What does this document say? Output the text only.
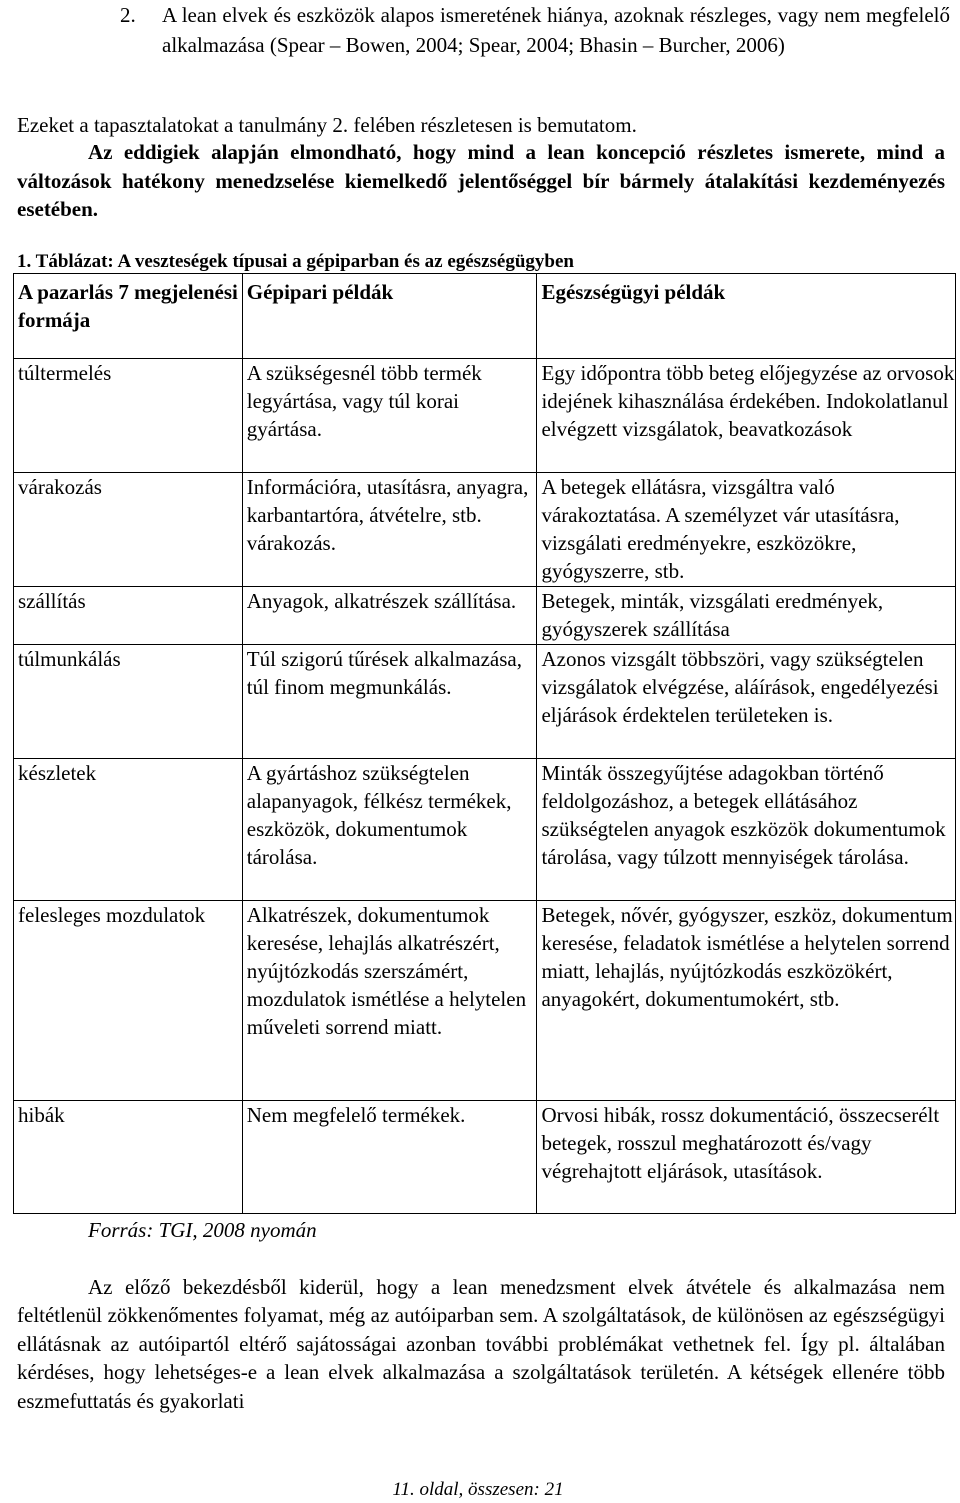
2. A lean elvek és eszközök alapos ismeretének hiánya, azoknak részleges, vagy nem megfelelő alkalmazása (Spear – Bowen, 2004; Spear, 2004; Bhasin – Burcher, 2006)
Ezeket a tapasztalatokat a tanulmány 2. felében részletesen is bemutatom.
Az eddigiek alapján elmondható, hogy mind a lean koncepció részletes ismerete, mind a változások hatékony menedzselése kiemelkedő jelentőséggel bír bármely átalakítási kezdeményezés esetében.
1. Táblázat: A veszteségek típusai a gépiparban és az egészségügyben
A pazarlás 7 megjelenési formája	Gépipari példák	Egészségügyi példák
túltermelés	A szükségesnél több termék legyártása, vagy túl korai gyártása.	Egy időpontra több beteg előjegyzése az orvosok idejének kihasználása érdekében. Indokolatlanul elvégzett vizsgálatok, beavatkozások
várakozás	Információra, utasításra, anyagra, karbantartóra, átvételre, stb. várakozás.	A betegek ellátásra, vizsgáltra való várakoztatása. A személyzet vár utasításra, vizsgálati eredményekre, eszközökre, gyógyszerre, stb.
szállítás	Anyagok, alkatrészek szállítása.	Betegek, minták, vizsgálati eredmények, gyógyszerek szállítása
túlmunkálás	Túl szigorú tűrések alkalmazása, túl finom megmunkálás.	Azonos vizsgált többszöri, vagy szükségtelen vizsgálatok elvégzése, aláírások, engedélyezési eljárások érdektelen területeken is.
készletek	A gyártáshoz szükségtelen alapanyagok, félkész termékek, eszközök, dokumentumok tárolása.	Minták összegyűjtése adagokban történő feldolgozáshoz, a betegek ellátásához szükségtelen anyagok eszközök dokumentumok tárolása, vagy túlzott mennyiségek tárolása.
felesleges mozdulatok	Alkatrészek, dokumentumok keresése, lehajlás alkatrészért, nyújtózkodás szerszámért, mozdulatok ismétlése a helytelen műveleti sorrend miatt.	Betegek, nővér, gyógyszer, eszköz, dokumentum keresése, feladatok ismétlése a helytelen sorrend miatt, lehajlás, nyújtózkodás eszközökért, anyagokért, dokumentumokért, stb.
hibák	Nem megfelelő termékek.	Orvosi hibák, rossz dokumentáció, összecserélt betegek, rosszul meghatározott és/vagy végrehajtott eljárások, utasítások.
Forrás: TGI, 2008 nyomán
Az előző bekezdésből kiderül, hogy a lean menedzsment elvek átvétele és alkalmazása nem feltétlenül zökkenőmentes folyamat, még az autóiparban sem. A szolgáltatások, de különösen az egészségügyi ellátásnak az autóipartól eltérő sajátosságai azonban további problémákat vethetnek fel. Így pl. általában kérdéses, hogy lehetséges-e a lean elvek alkalmazása a szolgáltatások területén. A kétségek ellenére több eszmefuttatás és gyakorlati
11. oldal, összesen: 21
